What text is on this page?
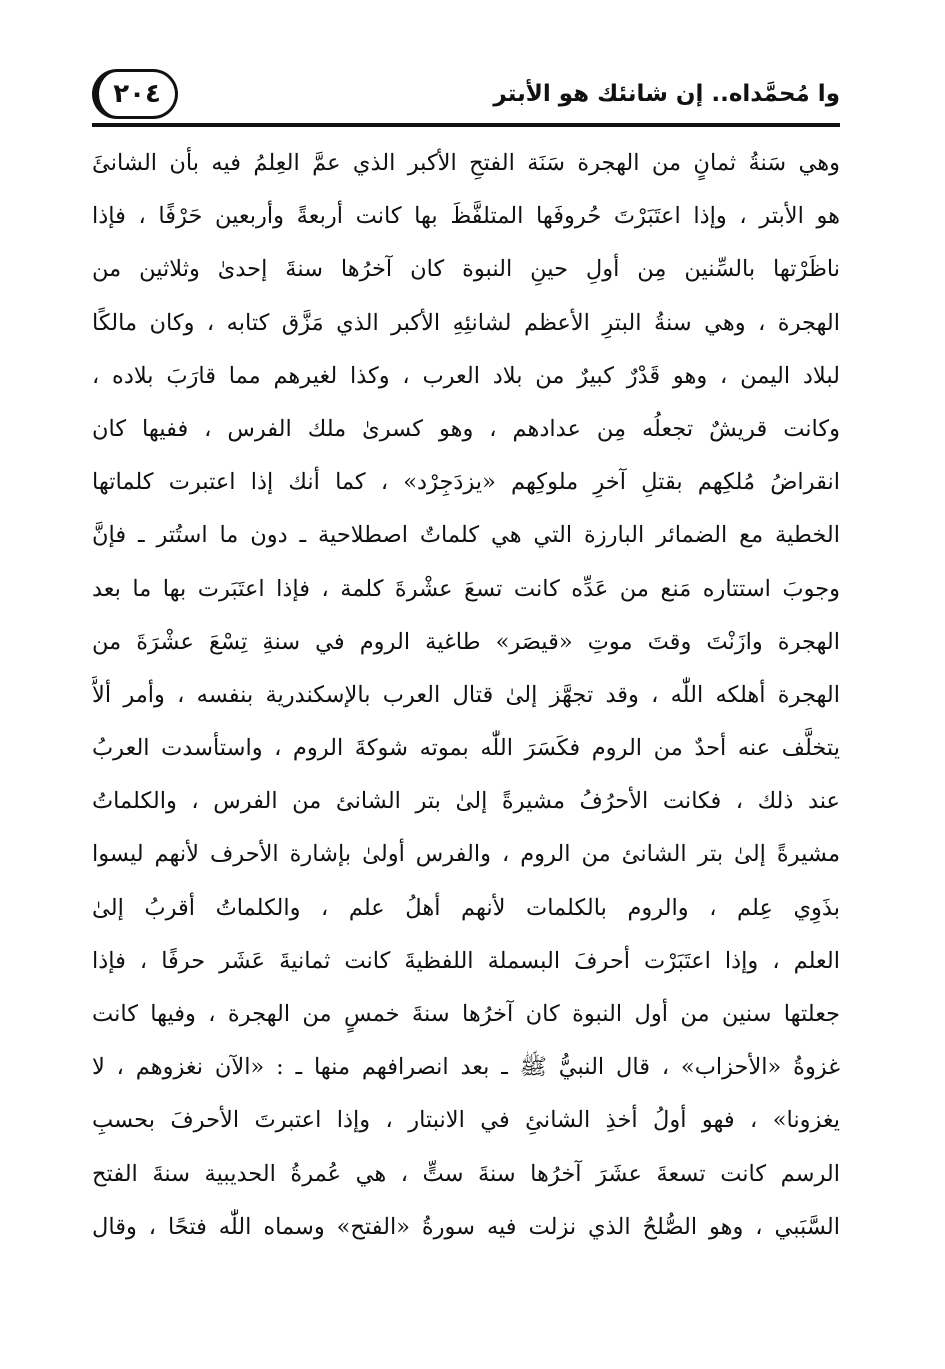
وا مُحمَّداه.. إن شانئك هو الأبتر
٢٠٤
وهي سَنةُ ثمانٍ من الهجرة سَنَة الفتحِ الأكبر الذي عمَّ العِلمُ فيه بأن الشانئَ
هو الأبتر ، وإذا اعتَبَرْتَ حُروفَها المتلفَّظَ بها كانت أربعةً وأربعين حَرْفًا ، فإذا
ناظَرْتها بالسِّنين مِن أولِ حينِ النبوة كان آخرُها سنةَ إحدىٰ وثلاثين من
الهجرة ، وهي سنةُ البترِ الأعظم لشانئِهِ الأكبر الذي مَزَّق كتابه ، وكان مالكًا
لبلاد اليمن ، وهو قَدْرٌ كبيرٌ من بلاد العرب ، وكذا لغيرهم مما قارَبَ بلاده ،
وكانت قريشٌ تجعلُه مِن عدادهم ، وهو كسرىٰ ملك الفرس ، ففيها كان
انقراضُ مُلكِهم بقتلِ آخرِ ملوكِهم «يزدَجِرْد» ، كما أنك إذا اعتبرت كلماتها
الخطية مع الضمائر البارزة التي هي كلماتٌ اصطلاحية ـ دون ما استُتر ـ فإنَّ
وجوبَ استتاره مَنع من عَدِّه كانت تسعَ عشْرةَ كلمة ، فإذا اعتَبَرت بها ما بعد
الهجرة وازَنْتَ وقتَ موتِ «قيصَر» طاغية الروم في سنةِ تِسْعَ عشْرَةَ من
الهجرة أهلكه اللّٰه ، وقد تجهَّز إلىٰ قتال العرب بالإسكندرية بنفسه ، وأمر ألاَّ
يتخلَّف عنه أحدٌ من الروم فكَسَرَ اللّٰه بموته شوكةَ الروم ، واستأسدت العربُ
عند ذلك ، فكانت الأحرُفُ مشيرةً إلىٰ بتر الشانئ من الفرس ، والكلماتُ
مشيرةً إلىٰ بتر الشانئ من الروم ، والفرس أولىٰ بإشارة الأحرف لأنهم ليسوا
بذَوِي عِلم ، والروم بالكلمات لأنهم أهلُ علم ، والكلماتُ أقربُ إلىٰ
العلم ، وإذا اعتَبَرْت أحرفَ البسملة اللفظيةَ كانت ثمانيةَ عَشَر حرفًا ، فإذا
جعلتها سنين من أول النبوة كان آخرُها سنةَ خمسٍ من الهجرة ، وفيها كانت
غزوةُ «الأحزاب» ، قال النبيُّ ﷺ ـ بعد انصرافهم منها ـ : «الآن نغزوهم ، لا
يغزونا» ، فهو أولُ أخذِ الشانئِ في الانبتار ، وإذا اعتبرتَ الأحرفَ بحسبِ
الرسم كانت تسعةَ عشَرَ آخرُها سنةَ ستٍّ ، هي عُمرةُ الحديبية سنةَ الفتح
السَّبَبي ، وهو الصُّلحُ الذي نزلت فيه سورةُ «الفتح» وسماه اللّٰه فتحًا ، وقال
